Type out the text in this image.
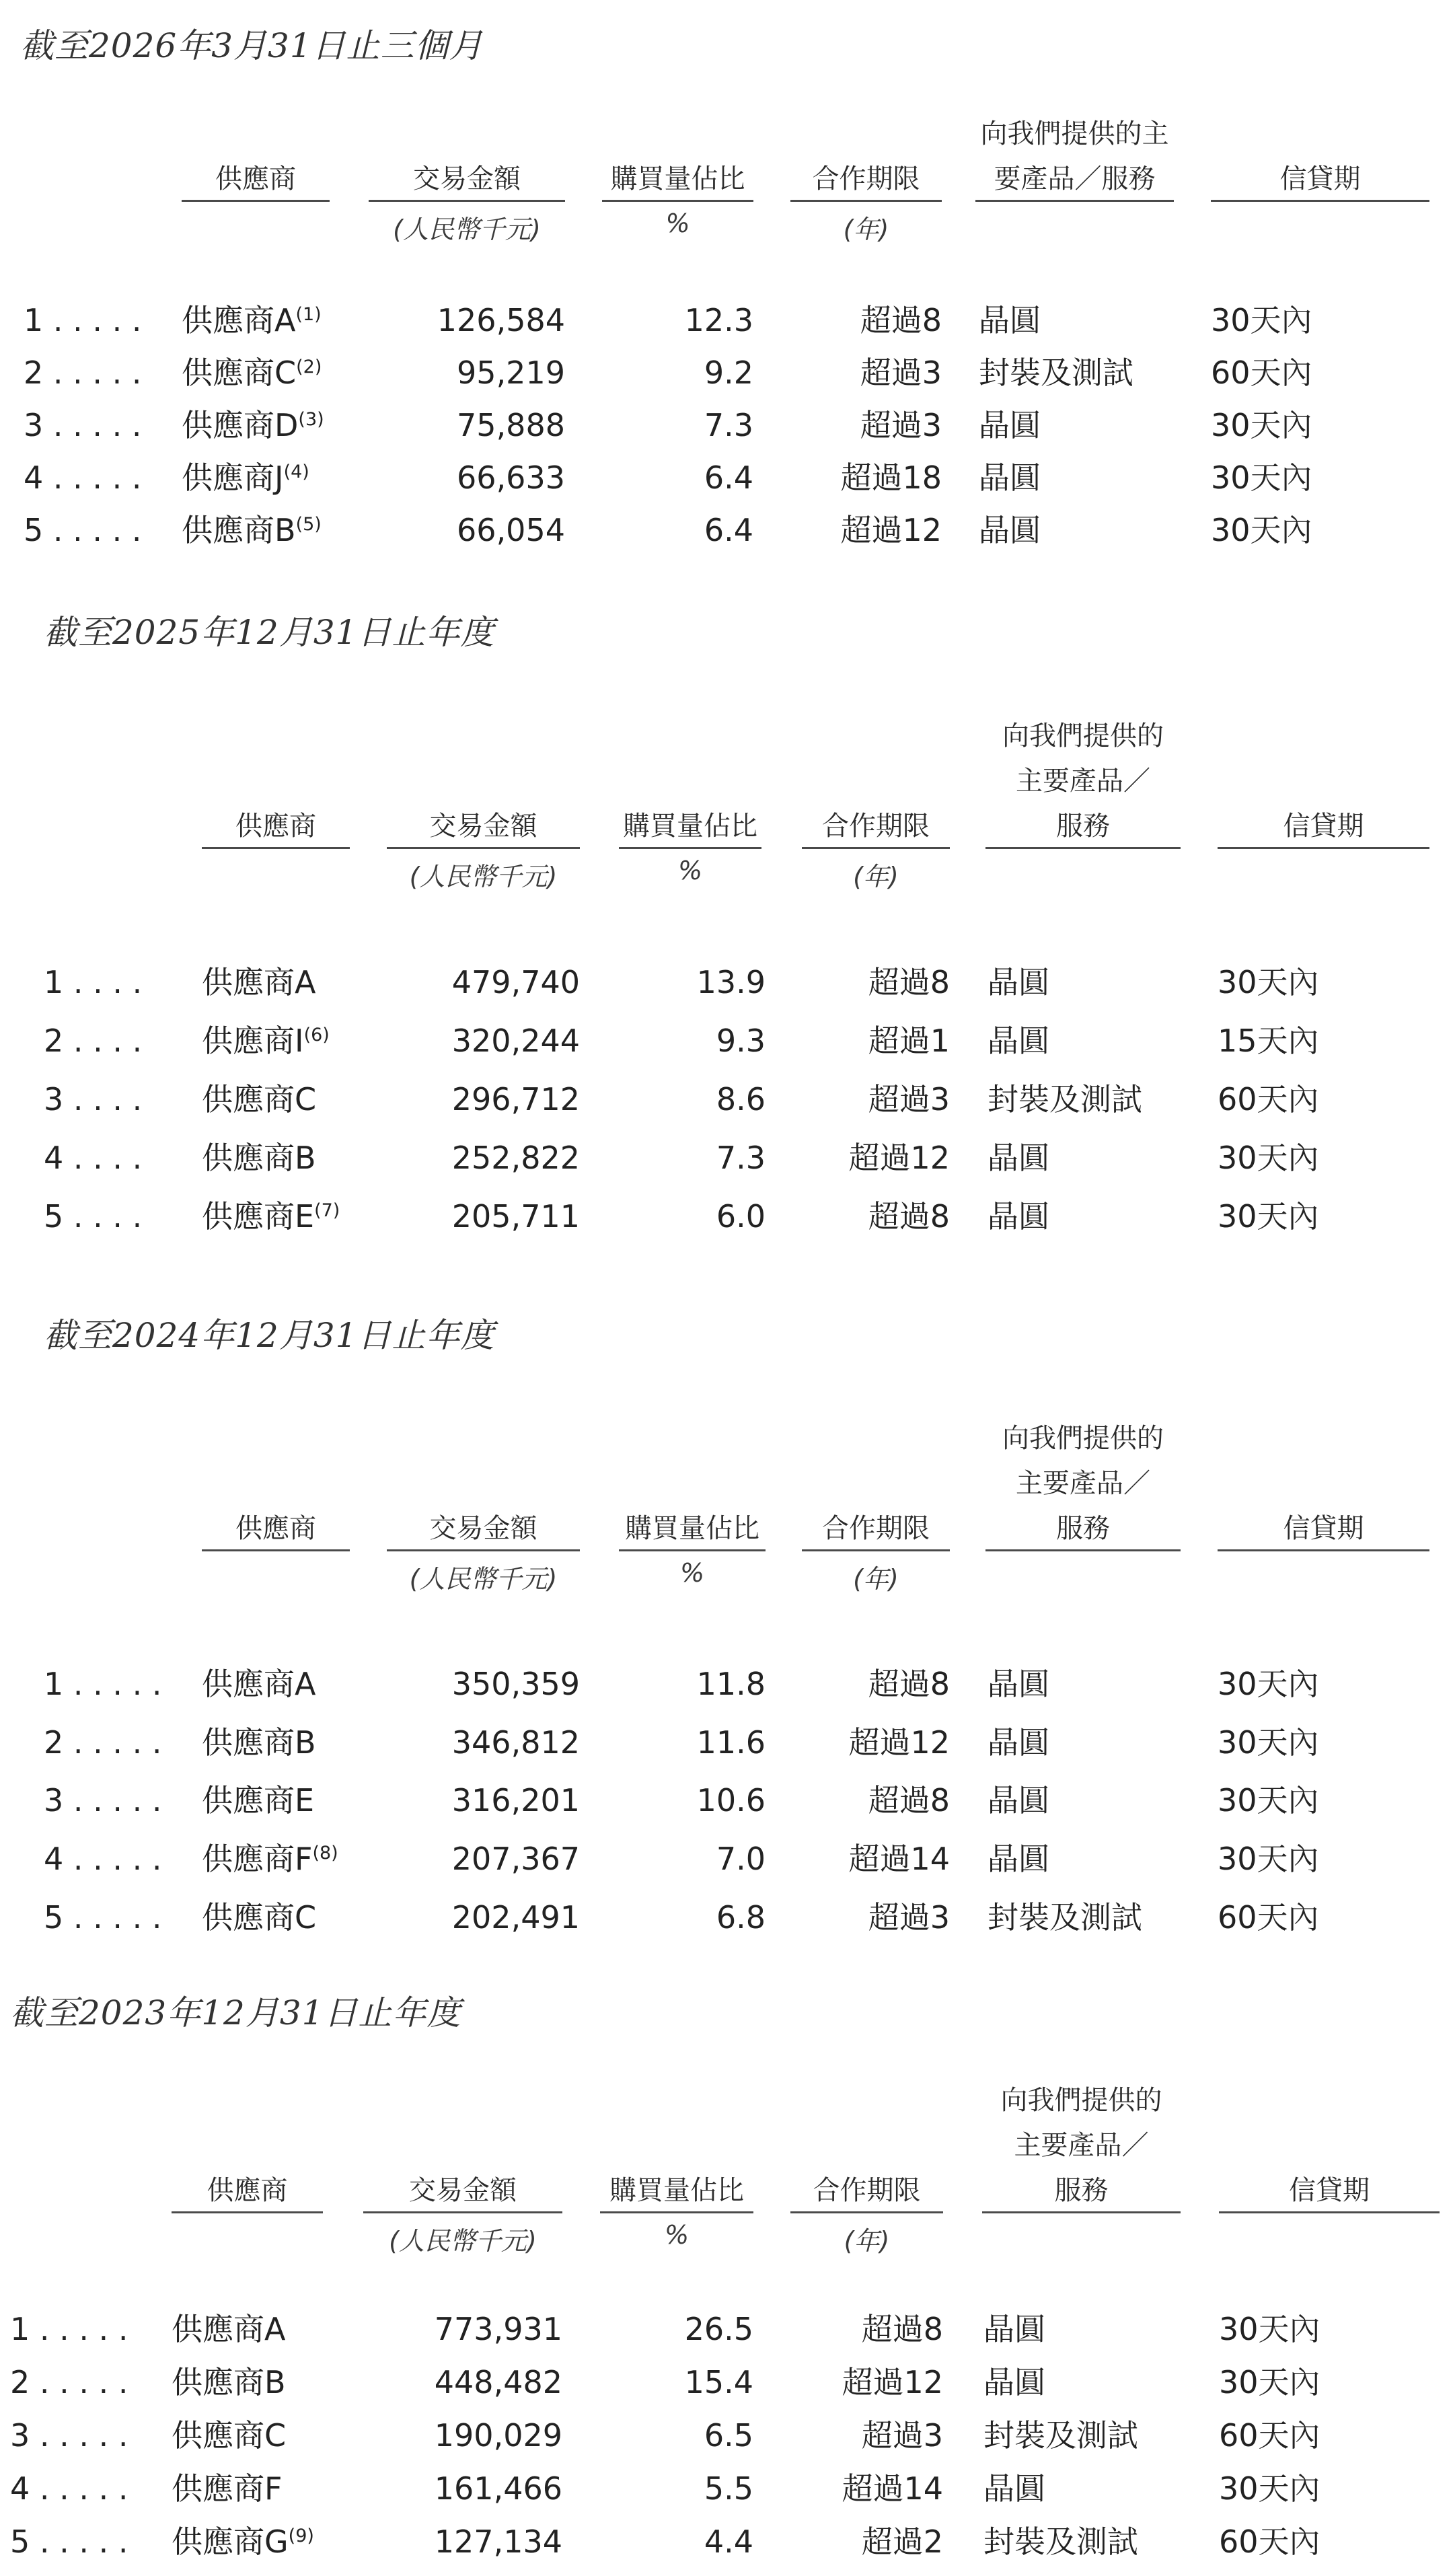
截至2026年3月31日止三個月
供應商	交易金額	購買量佔比	合作期限
向我們提供的主
要產品／服務	信貸期
(人民幣千元)	%	(年)
1 . . . . . 供應商$A^{(1)}$	126,584	12.3	超過8 晶圓	30天內
2 . . . . . 供應商$C^{(2)}$	95,219	9.2	超過3 封裝及測試	60天內
3 . . . . . 供應商$D^{(3)}$	75,888	7.3	超過3 晶圓	30天內
4 . . . . . 供應商$J^{(4)}$	66,633	6.4	超過18 晶圓	30天內
5 . . . . . 供應商$B^{(5)}$	66,054	6.4	超過12 晶圓	30天內
截至2025年12月31日止年度
供應商	交易金額	購買量佔比	合作期限
向我們提供的
主要產品／
服務	信貸期
(人民幣千元)	%	(年)
1 . . . . 供應商A	479,740	13.9	超過8 晶圓	30天內
2 . . . . 供應商$I^{(6)}$	320,244	9.3	超過1 晶圓	15天內
3 . . . . 供應商C	296,712	8.6	超過3 封裝及測試 60天內
4 . . . . 供應商B	252,822	7.3	超過12 晶圓	30天內
5 . . . . 供應商$E^{(7)}$	205,711	6.0	超過8 晶圓	30天內
截至2024年12月31日止年度
供應商	交易金額	購買量佔比	合作期限
向我們提供的
主要產品／
服務	信貸期
(人民幣千元)	%	(年)
1 . . . . . 供應商A	350,359	11.8	超過8 晶圓	30天內
2 . . . . . 供應商B	346,812	11.6	超過12 晶圓	30天內
3 . . . . . 供應商E	316,201	10.6	超過8 晶圓	30天內
4 . . . . . 供應商$F^{(8)}$	207,367	7.0	超過14 晶圓	30天內
5 . . . . . 供應商C	202,491	6.8	超過3 封裝及測試 60天內
截至2023年12月31日止年度
供應商	交易金額	購買量佔比	合作期限
向我們提供的
主要產品／
服務	信貸期
(人民幣千元)	%	(年)
1 . . . . . 供應商A	773,931	26.5	超過8 晶圓	30天內
2 . . . . . 供應商B	448,482	15.4	超過12 晶圓	30天內
3 . . . . . 供應商C	190,029	6.5	超過3 封裝及測試	60天內
4 . . . . . 供應商F	161,466	5.5	超過14 晶圓	30天內
5 . . . . . 供應商$G^{(9)}$	127,134	4.4	超過2 封裝及測試	60天內
